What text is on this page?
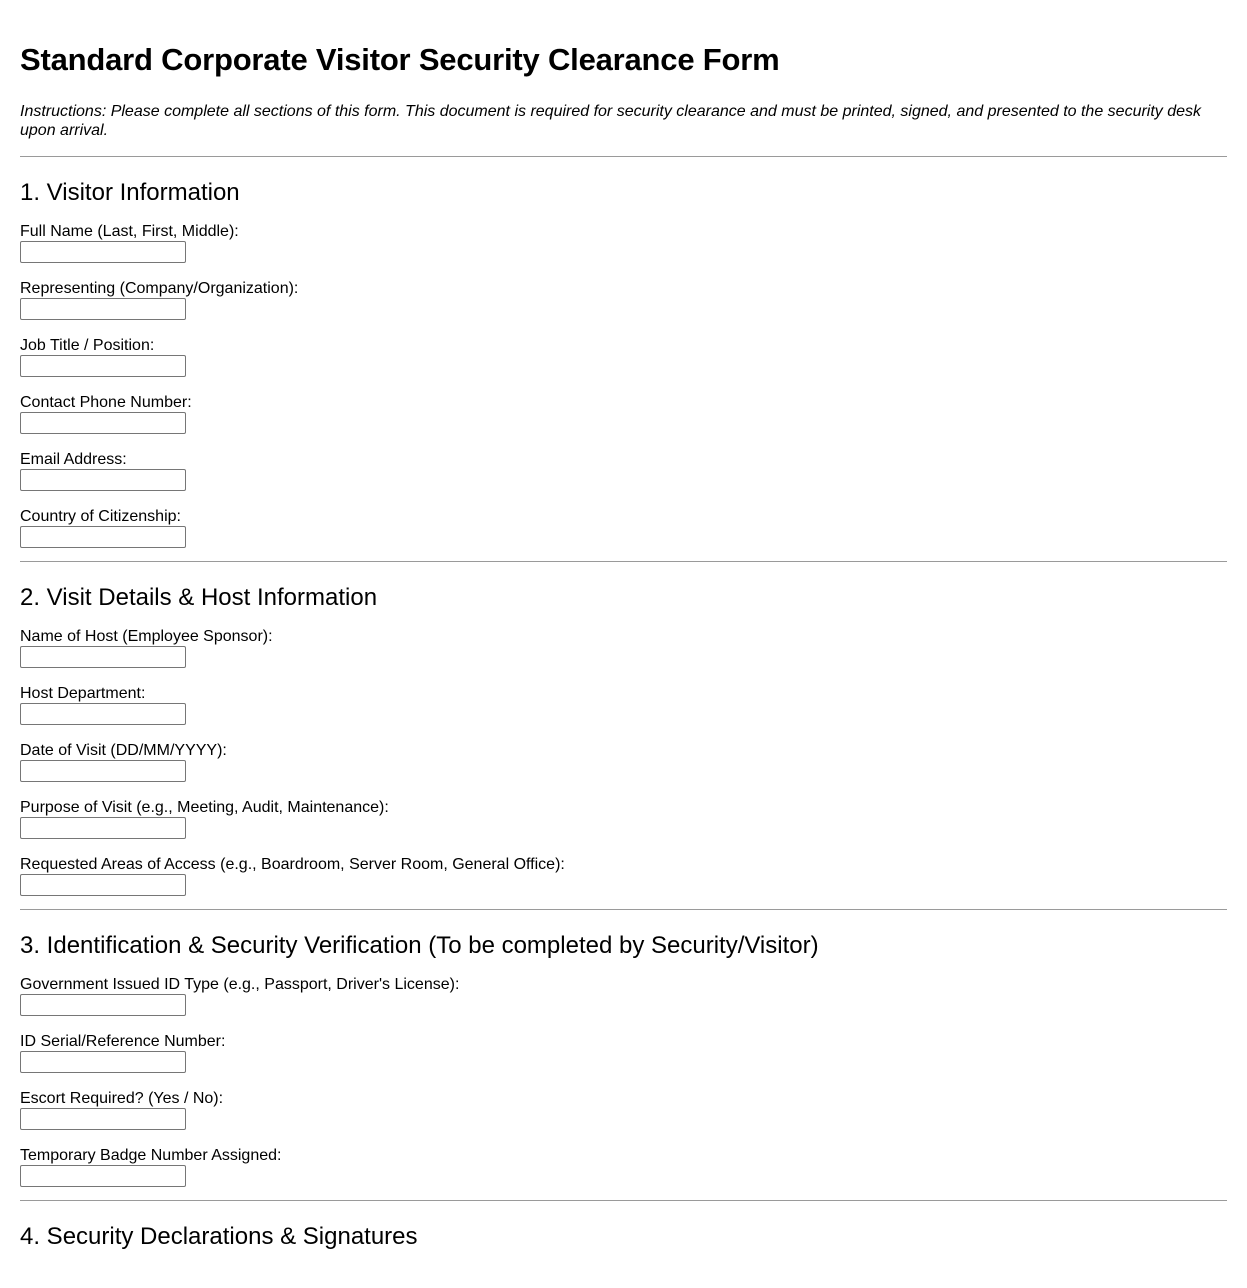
Standard Corporate Visitor Security Clearance Form

Instructions: Please complete all sections of this form. This document is required for security clearance and must be printed, signed, and presented to the security desk upon arrival.

1. Visitor Information
Full Name (Last, First, Middle):
Representing (Company/Organization):
Job Title / Position:
Contact Phone Number:
Email Address:
Country of Citizenship:
2. Visit Details & Host Information
Name of Host (Employee Sponsor):
Host Department:
Date of Visit (DD/MM/YYYY):
Purpose of Visit (e.g., Meeting, Audit, Maintenance):
Requested Areas of Access (e.g., Boardroom, Server Room, General Office):
3. Identification & Security Verification (To be completed by Security/Visitor)
Government Issued ID Type (e.g., Passport, Driver's License):
ID Serial/Reference Number:
Escort Required? (Yes / No):
Temporary Badge Number Assigned:
4. Security Declarations & Signatures
